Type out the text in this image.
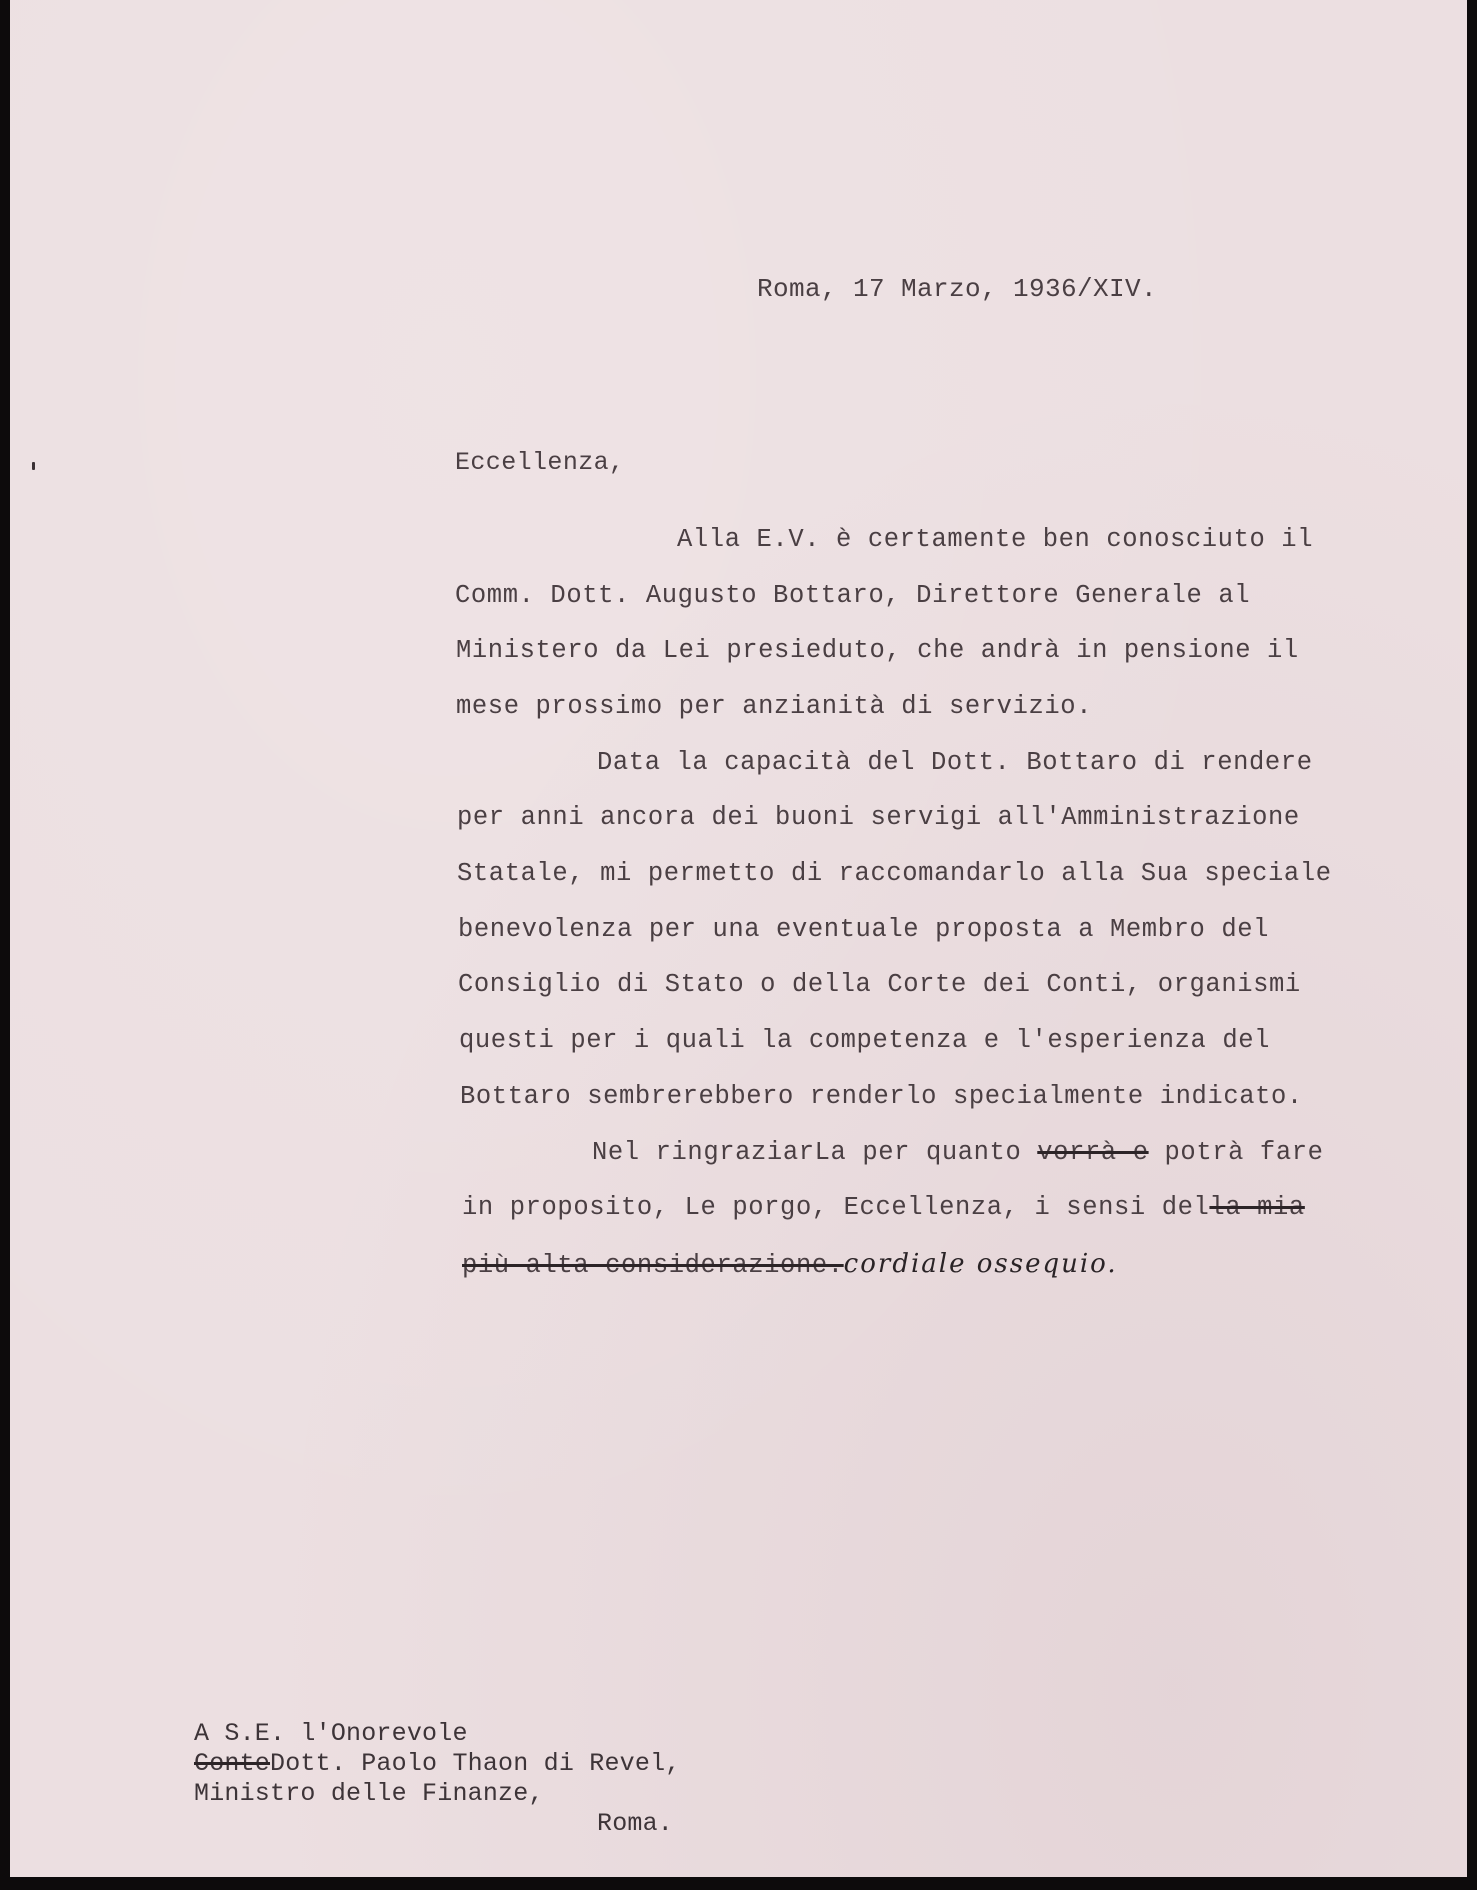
Roma, 17 Marzo, 1936/XIV.

Eccellenza,

Alla E.V. è certamente ben conosciuto il

Comm. Dott. Augusto Bottaro, Direttore Generale al

Ministero da Lei presieduto, che andrà in pensione il

mese prossimo per anzianità di servizio.

Data la capacità del Dott. Bottaro di rendere

per anni ancora dei buoni servigi all'Amministrazione

Statale, mi permetto di raccomandarlo alla Sua speciale

benevolenza per una eventuale proposta a Membro del

Consiglio di Stato o della Corte dei Conti, organismi

questi per i quali la competenza e l'esperienza del

Bottaro sembrerebbero renderlo specialmente indicato.

Nel ringraziarLa per quanto vorrà e potrà fare

in proposito, Le porgo, Eccellenza, i sensi della mia

più alta considerazione.cordiale ossequio.

A S.E. l'Onorevole

ConteDott. Paolo Thaon di Revel,

Ministro delle Finanze,

Roma.
